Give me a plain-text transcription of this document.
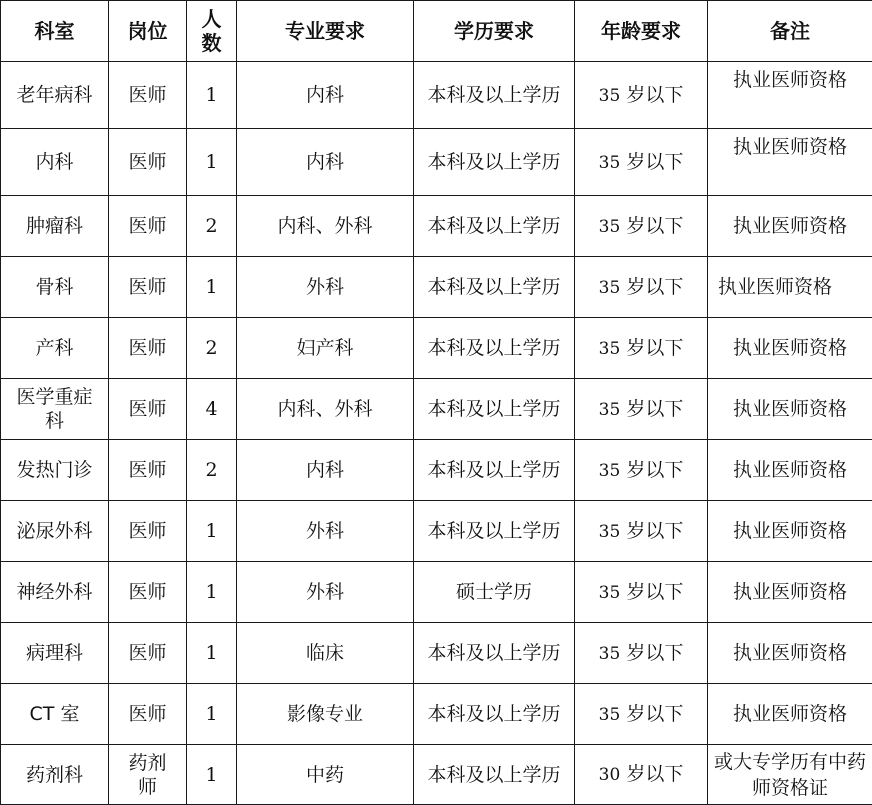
科室	岗位	人数	专业要求	学历要求	年龄要求	备注
老年病科	医师	1	内科	本科及以上学历	35 岁以下	执业医师资格
内科	医师	1	内科	本科及以上学历	35 岁以下	执业医师资格
肿瘤科	医师	2	内科、外科	本科及以上学历	35 岁以下	执业医师资格
骨科	医师	1	外科	本科及以上学历	35 岁以下	执业医师资格
产科	医师	2	妇产科	本科及以上学历	35 岁以下	执业医师资格
医学重症科	医师	4	内科、外科	本科及以上学历	35 岁以下	执业医师资格
发热门诊	医师	2	内科	本科及以上学历	35 岁以下	执业医师资格
泌尿外科	医师	1	外科	本科及以上学历	35 岁以下	执业医师资格
神经外科	医师	1	外科	硕士学历	35 岁以下	执业医师资格
病理科	医师	1	临床	本科及以上学历	35 岁以下	执业医师资格
CT 室	医师	1	影像专业	本科及以上学历	35 岁以下	执业医师资格
药剂科	药剂师	1	中药	本科及以上学历	30 岁以下	或大专学历有中药师资格证
